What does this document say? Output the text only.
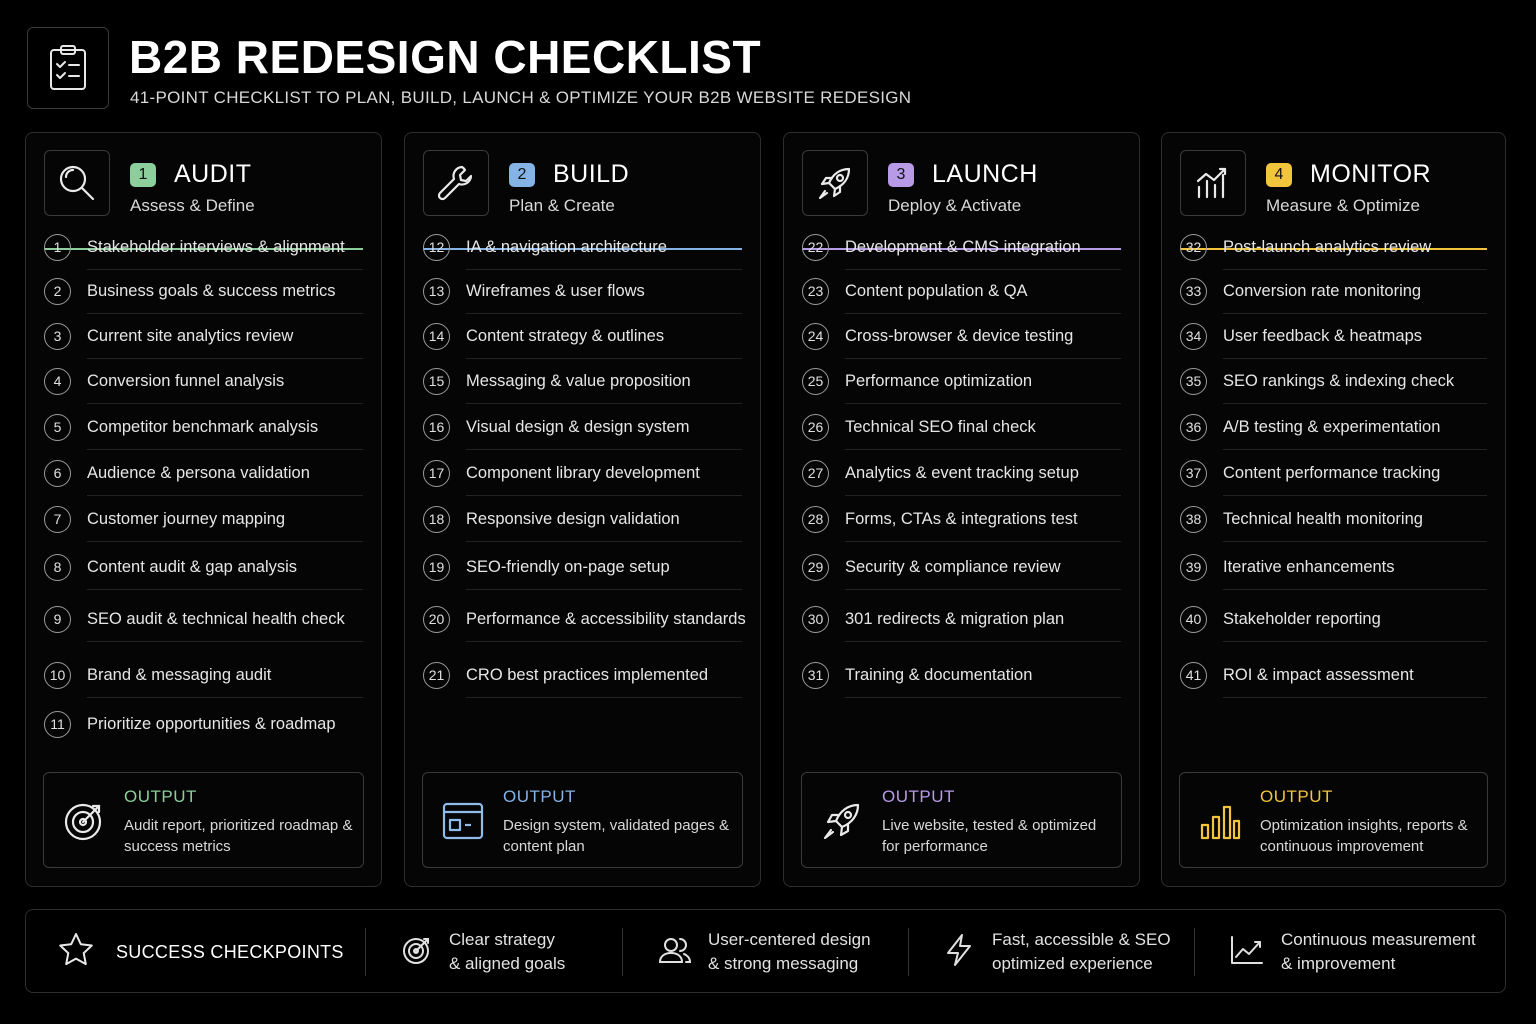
B2B REDESIGN CHECKLIST
41-POINT CHECKLIST TO PLAN, BUILD, LAUNCH & OPTIMIZE YOUR B2B WEBSITE REDESIGN
1	AUDIT
Assess & Define
1	Stakeholder interviews & alignment
2	Business goals & success metrics
3	Current site analytics review
4	Conversion funnel analysis
5	Competitor benchmark analysis
6	Audience & persona validation
7	Customer journey mapping
8	Content audit & gap analysis
9	SEO audit & technical health check
10	Brand & messaging audit
11	Prioritize opportunities & roadmap
OUTPUT
Audit report, prioritized roadmap & success metrics
2	BUILD
Plan & Create
12	IA & navigation architecture
13	Wireframes & user flows
14	Content strategy & outlines
15	Messaging & value proposition
16	Visual design & design system
17	Component library development
18	Responsive design validation
19	SEO-friendly on-page setup
20	Performance & accessibility standards
21	CRO best practices implemented
OUTPUT
Design system, validated pages & content plan
3	LAUNCH
Deploy & Activate
22	Development & CMS integration
23	Content population & QA
24	Cross-browser & device testing
25	Performance optimization
26	Technical SEO final check
27	Analytics & event tracking setup
28	Forms, CTAs & integrations test
29	Security & compliance review
30	301 redirects & migration plan
31	Training & documentation
OUTPUT
Live website, tested & optimized for performance
4	MONITOR
Measure & Optimize
32	Post-launch analytics review
33	Conversion rate monitoring
34	User feedback & heatmaps
35	SEO rankings & indexing check
36	A/B testing & experimentation
37	Content performance tracking
38	Technical health monitoring
39	Iterative enhancements
40	Stakeholder reporting
41	ROI & impact assessment
OUTPUT
Optimization insights, reports & continuous improvement
SUCCESS CHECKPOINTS
Clear strategy
& aligned goals
User-centered design
& strong messaging
Fast, accessible & SEO
optimized experience
Continuous measurement
& improvement
